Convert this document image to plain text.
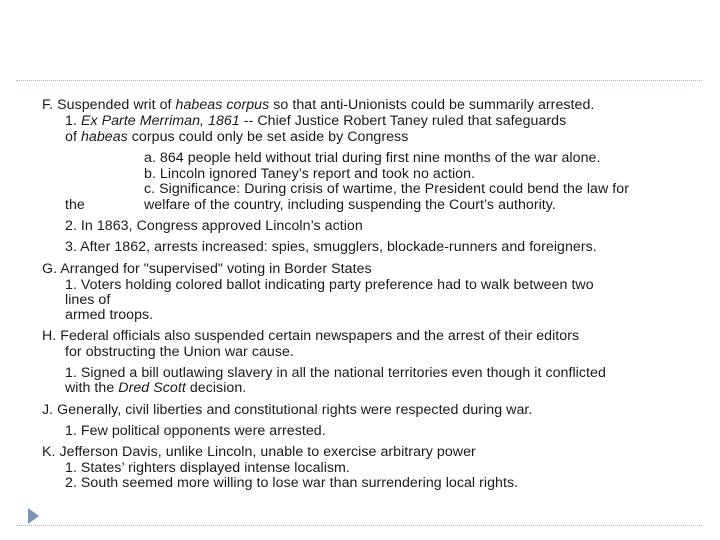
F. Suspended writ of habeas corpus so that anti-Unionists could be summarily arrested.
1. Ex Parte Merriman, 1861 -- Chief Justice Robert Taney ruled that safeguards
of habeas corpus could only be set aside by Congress
a. 864 people held without trial during first nine months of the war alone.
b. Lincoln ignored Taney’s report and took no action.
c. Significance: During crisis of wartime, the President could bend the law for
the	welfare of the country, including suspending the Court’s authority.
2. In 1863, Congress approved Lincoln’s action
3. After 1862, arrests increased: spies, smugglers, blockade-runners and foreigners.
G. Arranged for "supervised" voting in Border States
1. Voters holding colored ballot indicating party preference had to walk between two
lines of
armed troops.
H. Federal officials also suspended certain newspapers and the arrest of their editors
for obstructing the Union war cause.
1. Signed a bill outlawing slavery in all the national territories even though it conflicted
with the Dred Scott decision.
J. Generally, civil liberties and constitutional rights were respected during war.
1. Few political opponents were arrested.
K. Jefferson Davis, unlike Lincoln, unable to exercise arbitrary power
1. States’ righters displayed intense localism.
2. South seemed more willing to lose war than surrendering local rights.
